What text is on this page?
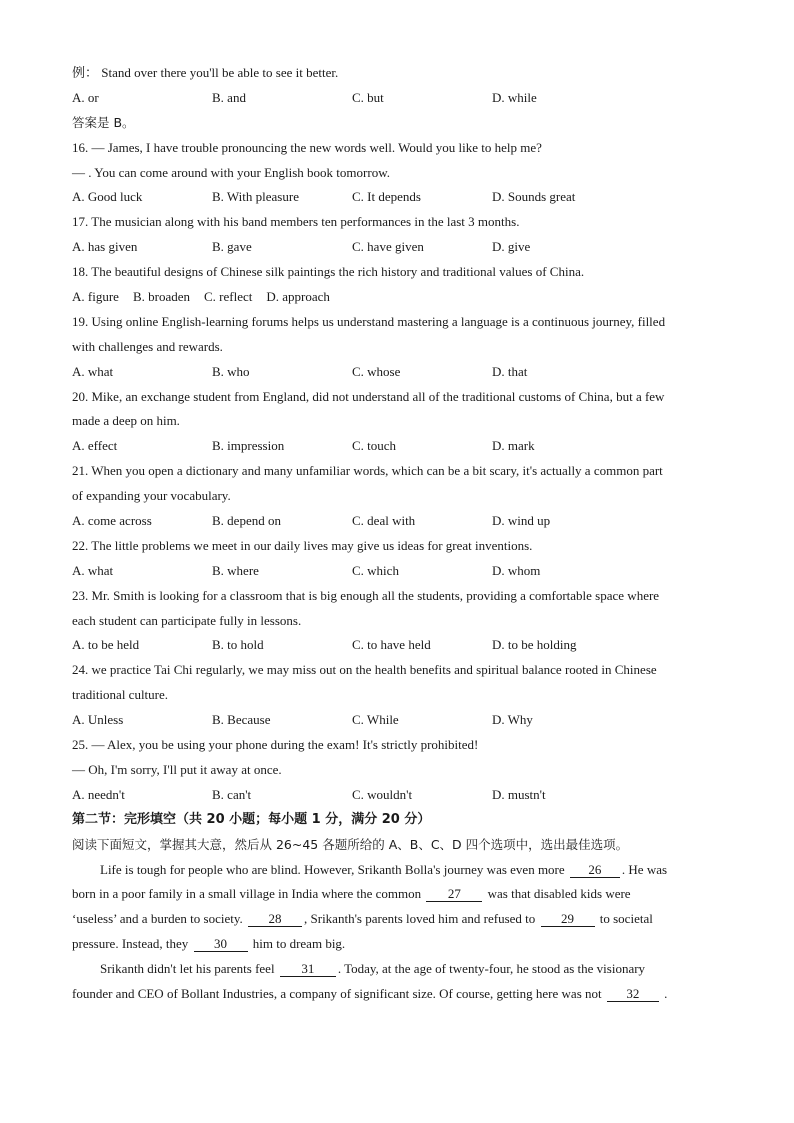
例： Stand over there you'll be able to see it better.
A. or	B. and	C. but	D. while
答案是 B。
16. — James, I have trouble pronouncing the new words well. Would you like to help me?
— . You can come around with your English book tomorrow.
A. Good luck	B. With pleasure	C. It depends	D. Sounds great
17. The musician along with his band members ten performances in the last 3 months.
A. has given	B. gave	C. have given	D. give
18. The beautiful designs of Chinese silk paintings the rich history and traditional values of China.
A. figure B. broaden C. reflect D. approach
19. Using online English-learning forums helps us understand mastering a language is a continuous journey, filled
with challenges and rewards.
A. what	B. who	C. whose	D. that
20. Mike, an exchange student from England, did not understand all of the traditional customs of China, but a few
made a deep on him.
A. effect	B. impression	C. touch	D. mark
21. When you open a dictionary and many unfamiliar words, which can be a bit scary, it's actually a common part
of expanding your vocabulary.
A. come across	B. depend on	C. deal with	D. wind up
22. The little problems we meet in our daily lives may give us ideas for great inventions.
A. what	B. where	C. which	D. whom
23. Mr. Smith is looking for a classroom that is big enough all the students, providing a comfortable space where
each student can participate fully in lessons.
A. to be held	B. to hold	C. to have held	D. to be holding
24. we practice Tai Chi regularly, we may miss out on the health benefits and spiritual balance rooted in Chinese
traditional culture.
A. Unless	B. Because	C. While	D. Why
25. — Alex, you be using your phone during the exam! It's strictly prohibited!
— Oh, I'm sorry, I'll put it away at once.
A. needn't	B. can't	C. wouldn't	D. mustn't
第二节：完形填空（共 20 小题；每小题 1 分，满分 20 分）
阅读下面短文，掌握其大意，然后从 26~45 各题所给的 A、B、C、D 四个选项中，选出最佳选项。
Life is tough for people who are blind. However, Srikanth Bolla's journey was even more 26 . He was
born in a poor family in a small village in India where the common 27 was that disabled kids were
‘useless’ and a burden to society. 28 , Srikanth's parents loved him and refused to 29 to societal
pressure. Instead, they 30 him to dream big.
Srikanth didn't let his parents feel 31 . Today, at the age of twenty-four, he stood as the visionary
founder and CEO of Bollant Industries, a company of significant size. Of course, getting here was not 32 .
